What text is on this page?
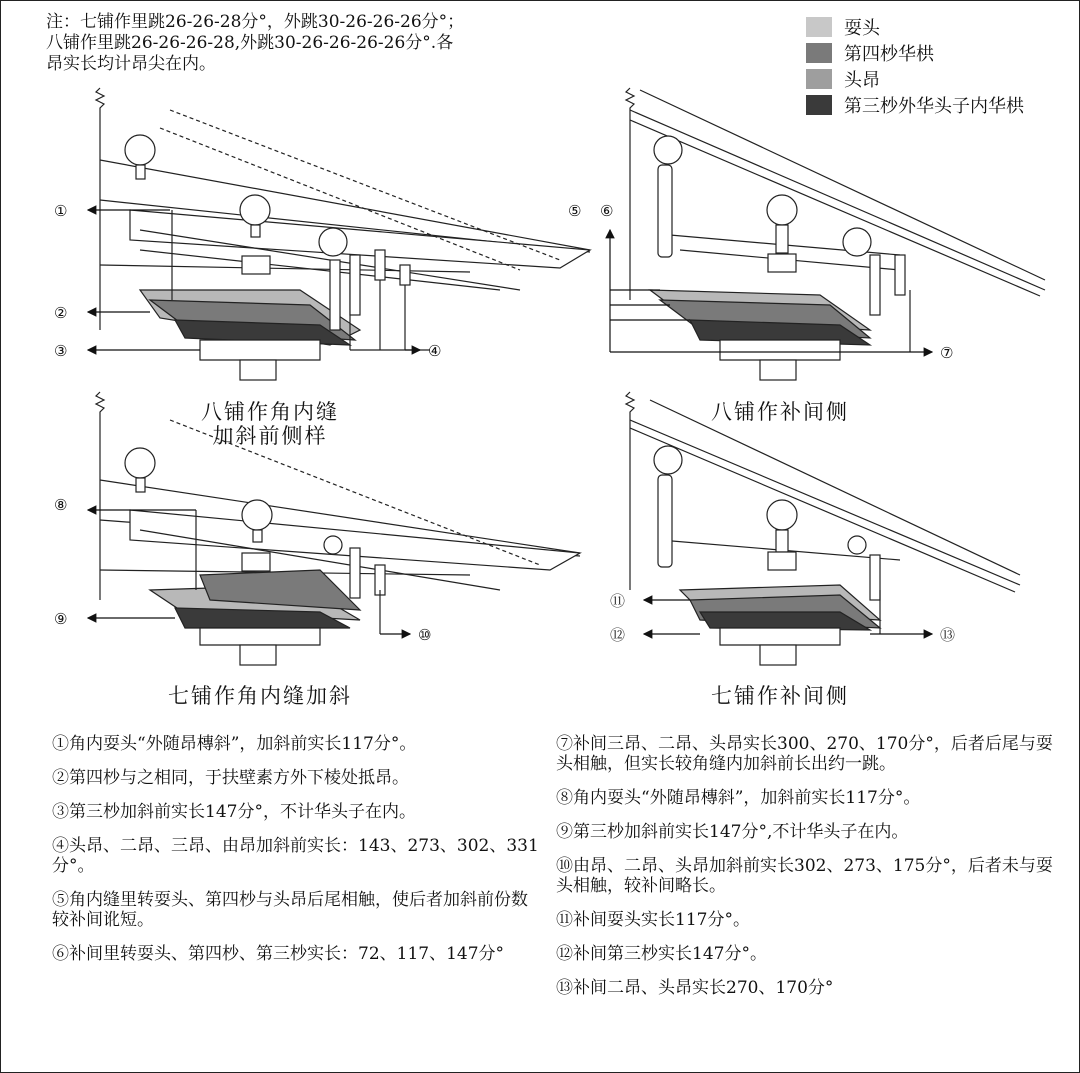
注：七铺作里跳26-26-28分°，外跳30-26-26-26分°；
八铺作里跳26-26-26-28,外跳30-26-26-26-26分°.各
昂实长均计昂尖在内。
耍头
第四杪华栱
头昂
第三杪外华头子内华栱
①
②
③	④
⑤ ⑥
⑦
⑧
⑨
⑩
⑪
⑫	⑬
八铺作角内缝
加斜前侧样
八铺作补间侧
七铺作角内缝加斜	七铺作补间侧
①角内耍头“外随昂槫斜”，加斜前实长117分°。
②第四杪与之相同，于扶壁素方外下棱处抵昂。
③第三杪加斜前实长147分°，不计华头子在内。
④头昂、二昂、三昂、由昂加斜前实长：143、273、302、331分°。
⑤角内缝里转耍头、第四杪与头昂后尾相触，使后者加斜前份数较补间讹短。
⑥补间里转耍头、第四杪、第三杪实长：72、117、147分°
⑦补间三昂、二昂、头昂实长300、270、170分°，后者后尾与耍头相触，但实长较角缝内加斜前长出约一跳。
⑧角内耍头“外随昂槫斜”，加斜前实长117分°。
⑨第三杪加斜前实长147分°,不计华头子在内。
⑩由昂、二昂、头昂加斜前实长302、273、175分°，后者未与耍头相触，较补间略长。
⑪补间耍头实长117分°。
⑫补间第三杪实长147分°。
⑬补间二昂、头昂实长270、170分°
